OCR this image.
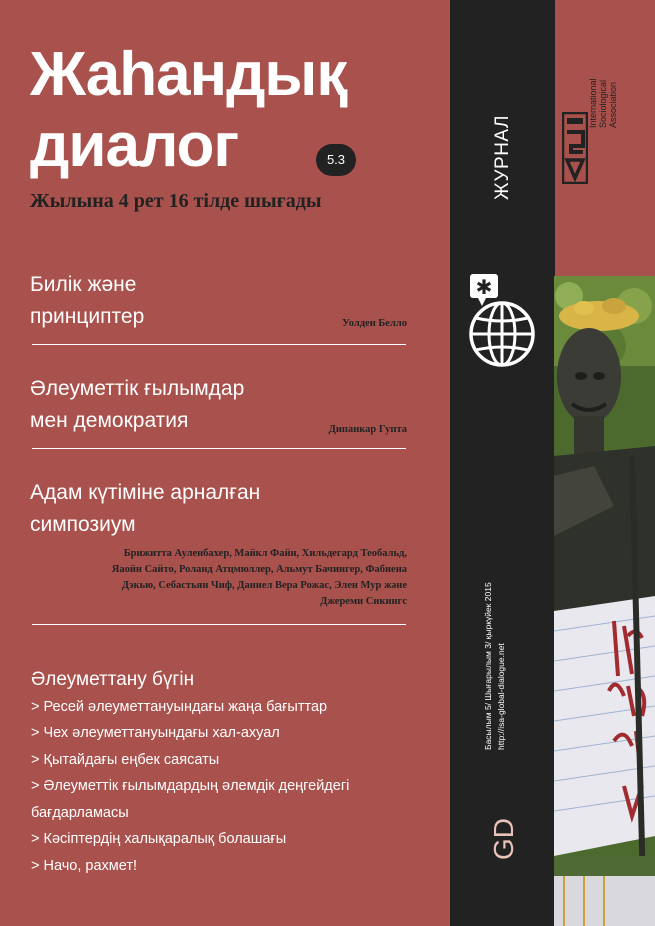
Жаһандық
диалог	5.3
Жылына 4 рет 16 тілде шығады
Билік және
принциптер	Уолден Белло
Әлеуметтік ғылымдар
мен демократия	Дипанкар Гупта
Адам күтіміне арналған
симпозиум
Брижитта Ауленбахер, Майкл Файн, Хильдегард Теобальд,
Яаойн Сайто, Роланд Атцмюллер, Альмут Бачингер, Фабиена
Дэкью, Себастьян Чиф, Даниел Вера Рожас, Элен Мур және
Джереми Сикингс
Әлеуметтану бүгін
> Ресей әлеуметтануындағы жаңа бағыттар
> Чех әлеуметтануындағы хал-ахуал
> Қытайдағы еңбек саясаты
> Әлеуметтік ғылымдардың әлемдік деңгейдегі
бағдарламасы
> Кәсіптердің халықаралық болашағы
> Начо, рахмет!
ЖУРНАЛ
✱
Басылым 5/ Шығарылым 3/ қыркүйек 2015 http://isa-global-dialogue.net
GD
International Sociological Association
